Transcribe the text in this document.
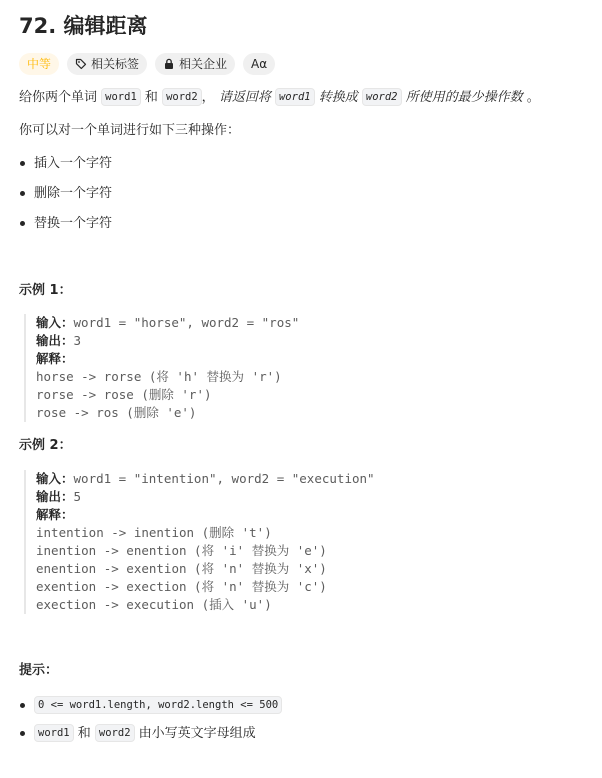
72. 编辑距离
中等	相关标签	相关企业	Aα

给你两个单词 word1 和 word2 ， 请返回将 word1 转换成 word2 所使用的最少操作数 。

你可以对一个单词进行如下三种操作：

插入一个字符
删除一个字符
替换一个字符

示例 1：

输入：word1 = "horse", word2 = "ros"
输出：3
解释：
horse -> rorse (将 'h' 替换为 'r')
rorse -> rose (删除 'r')
rose -> ros (删除 'e')

示例 2：

输入：word1 = "intention", word2 = "execution"
输出：5
解释：
intention -> inention (删除 't')
inention -> enention (将 'i' 替换为 'e')
enention -> exention (将 'n' 替换为 'x')
exention -> exection (将 'n' 替换为 'c')
exection -> execution (插入 'u')

提示：

0 <= word1.length, word2.length <= 500
word1 和 word2 由小写英文字母组成
